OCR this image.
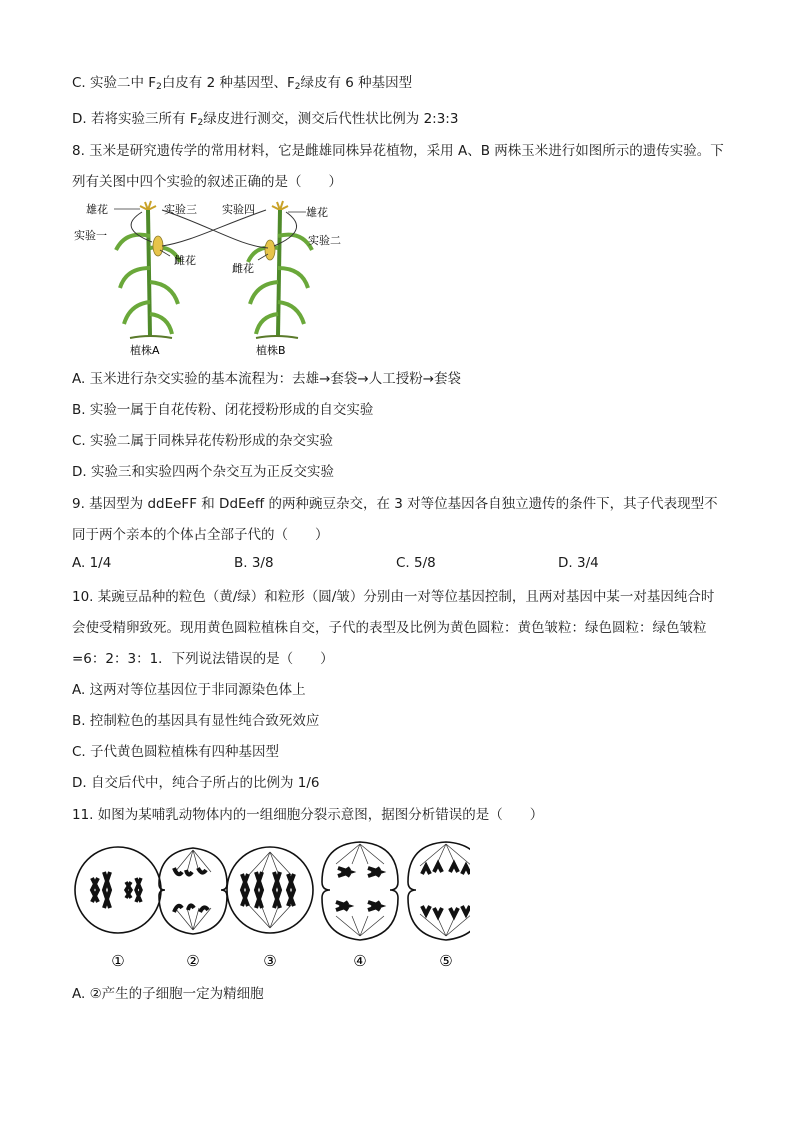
C. 实验二中 $F_2$白皮有 2 种基因型、$F_2$绿皮有 6 种基因型
D. 若将实验三所有 $F_2$绿皮进行测交，测交后代性状比例为 2:3:3
8. 玉米是研究遗传学的常用材料，它是雌雄同株异花植物，采用 A、B 两株玉米进行如图所示的遗传实验。下列有关图中四个实验的叙述正确的是（　　）
雄花
实验一
实验三
雌花
植株A
实验四	雄花
实验二
雌花
植株B
A. 玉米进行杂交实验的基本流程为：去雄→套袋→人工授粉→套袋
B. 实验一属于自花传粉、闭花授粉形成的自交实验
C. 实验二属于同株异花传粉形成的杂交实验
D. 实验三和实验四两个杂交互为正反交实验
9. 基因型为 ddEeFF 和 DdEeff 的两种豌豆杂交，在 3 对等位基因各自独立遗传的条件下，其子代表现型不同于两个亲本的个体占全部子代的（　　）
A. 1/4	B. 3/8	C. 5/8	D. 3/4
10. 某豌豆品种的粒色（黄/绿）和粒形（圆/皱）分别由一对等位基因控制，且两对基因中某一对基因纯合时会使受精卵致死。现用黄色圆粒植株自交，子代的表型及比例为黄色圆粒：黄色皱粒：绿色圆粒：绿色皱粒=6：2：3：1．下列说法错误的是（　　）
A. 这两对等位基因位于非同源染色体上
B. 控制粒色的基因具有显性纯合致死效应
C. 子代黄色圆粒植株有四种基因型
D. 自交后代中，纯合子所占的比例为 1/6
11. 如图为某哺乳动物体内的一组细胞分裂示意图，据图分析错误的是（　　）
①	②	③	④	⑤
A. ②产生的子细胞一定为精细胞
